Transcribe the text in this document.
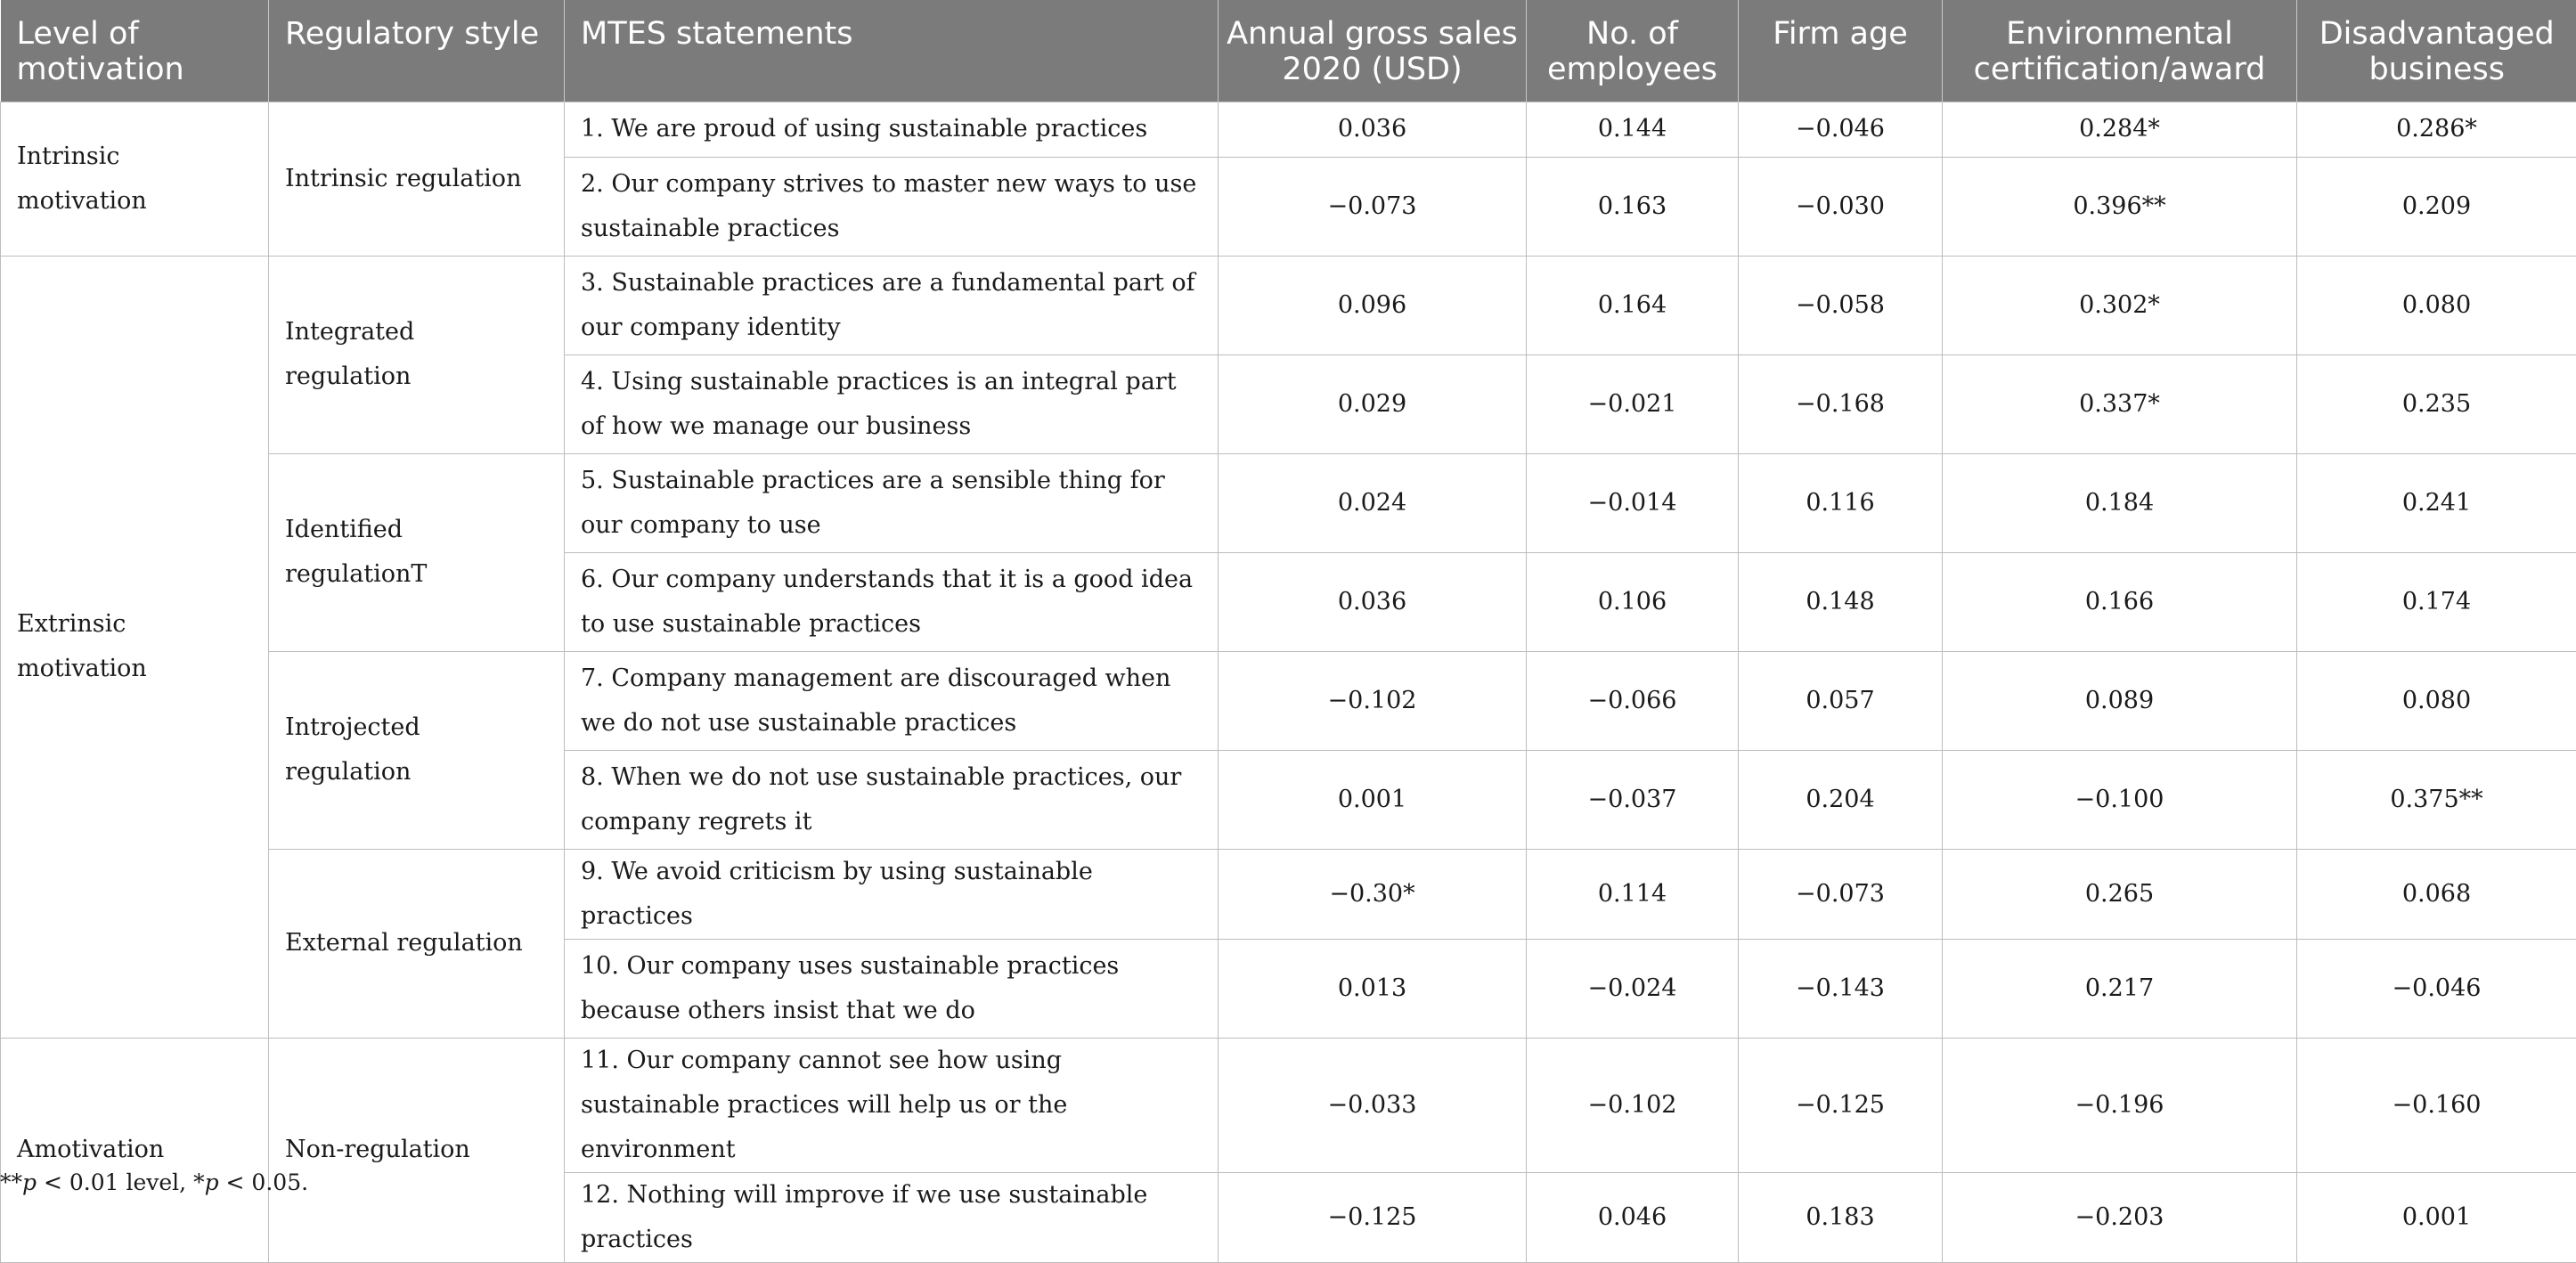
Level of motivation	Regulatory style	MTES statements	Annual gross sales 2020 (USD)	No. of employees	Firm age	Environmental certification/award	Disadvantaged business
Intrinsic motivation	Intrinsic regulation	1. We are proud of using sustainable practices	0.036	0.144	−0.046	0.284*	0.286*
		2. Our company strives to master new ways to use sustainable practices	−0.073	0.163	−0.030	0.396**	0.209
Extrinsic motivation	Integrated regulation	3. Sustainable practices are a fundamental part of our company identity	0.096	0.164	−0.058	0.302*	0.080
		4. Using sustainable practices is an integral part of how we manage our business	0.029	−0.021	−0.168	0.337*	0.235
	Identified regulationT	5. Sustainable practices are a sensible thing for our company to use	0.024	−0.014	0.116	0.184	0.241
		6. Our company understands that it is a good idea to use sustainable practices	0.036	0.106	0.148	0.166	0.174
	Introjected regulation	7. Company management are discouraged when we do not use sustainable practices	−0.102	−0.066	0.057	0.089	0.080
		8. When we do not use sustainable practices, our company regrets it	0.001	−0.037	0.204	−0.100	0.375**
	External regulation	9. We avoid criticism by using sustainable practices	−0.30*	0.114	−0.073	0.265	0.068
		10. Our company uses sustainable practices because others insist that we do	0.013	−0.024	−0.143	0.217	−0.046
Amotivation	Non-regulation	11. Our company cannot see how using sustainable practices will help us or the environment	−0.033	−0.102	−0.125	−0.196	−0.160
		12. Nothing will improve if we use sustainable practices	−0.125	0.046	0.183	−0.203	0.001
**p < 0.01 level, *p < 0.05.
